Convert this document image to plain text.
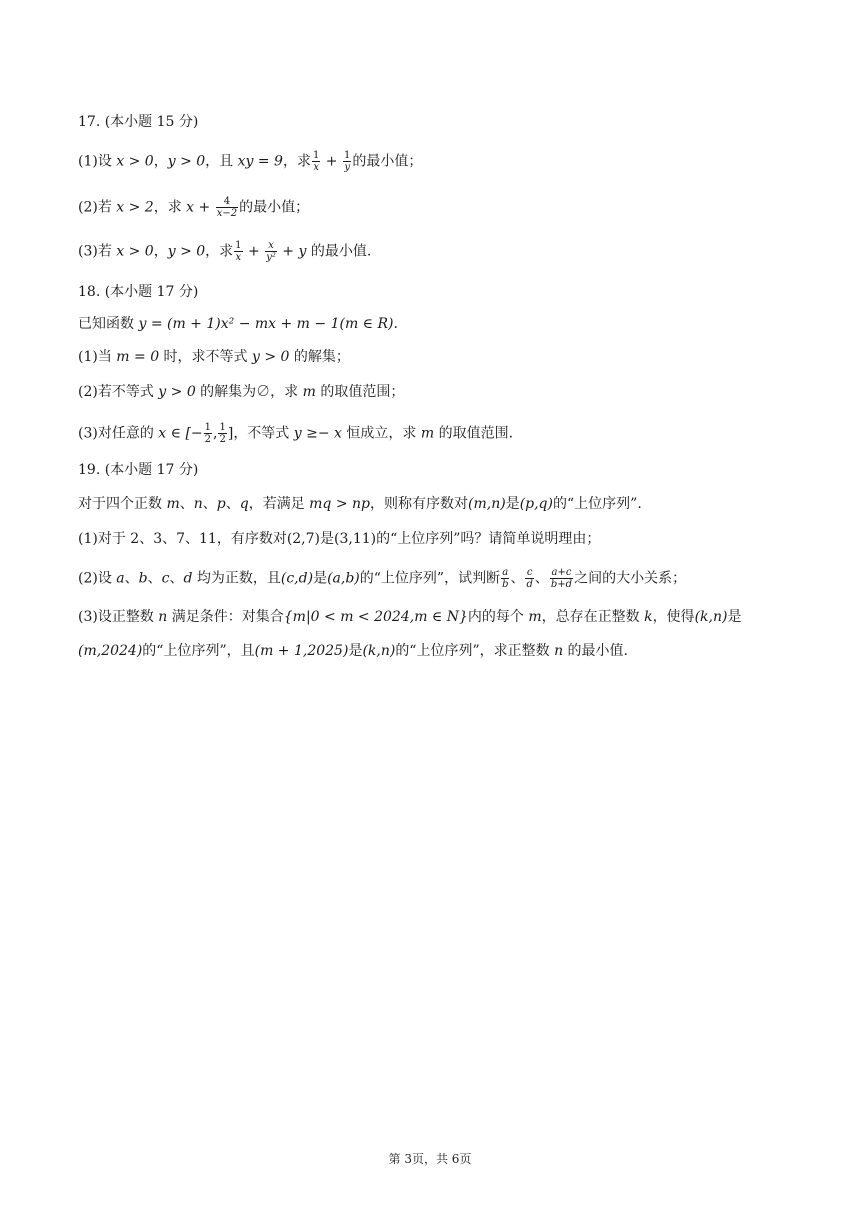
17. (本小题 15 分)
(1)设 x > 0，y > 0，且 xy = 9，求 $\frac{1}{x} + \frac{1}{y}$ 的最小值；
(2)若 x > 2，求 $x + \frac{4}{x-2}$ 的最小值；
(3)若 x > 0，y > 0，求 $\frac{1}{x} + \frac{x}{\text{y²}} + y$ 的最小值.
18. (本小题 17 分)
已知函数 y = (m + 1)x² − mx + m − 1(m ∈ R).
(1)当 m = 0 时，求不等式 y > 0 的解集；
(2)若不等式 y > 0 的解集为∅，求 m 的取值范围；
(3)对任意的 x ∈ [− $\frac{1}{2}$ , $\frac{1}{2}$ ]，不等式 y ≥− x 恒成立，求 m 的取值范围.
19. (本小题 17 分)
对于四个正数 m、n、p、q，若满足 mq > np，则称有序数对(m,n)是(p,q)的“上位序列”.
(1)对于 2、3、7、11，有序数对(2,7)是(3,11)的“上位序列”吗？请简单说明理由；
(2)设 a、b、c、d 均为正数，且(c,d)是(a,b)的“上位序列”，试判断 $\frac{a}{b}$ 、 $\frac{c}{d}$ 、 $\frac{a+c}{b+d}$ 之间的大小关系；
(3)设正整数 n 满足条件：对集合{m|0 < m < 2024,m ∈ N}内的每个 m，总存在正整数 k，使得(k,n)是
(m,2024)的“上位序列”，且(m + 1,2025)是(k,n)的“上位序列”，求正整数 n 的最小值.
第 3页，共 6页
